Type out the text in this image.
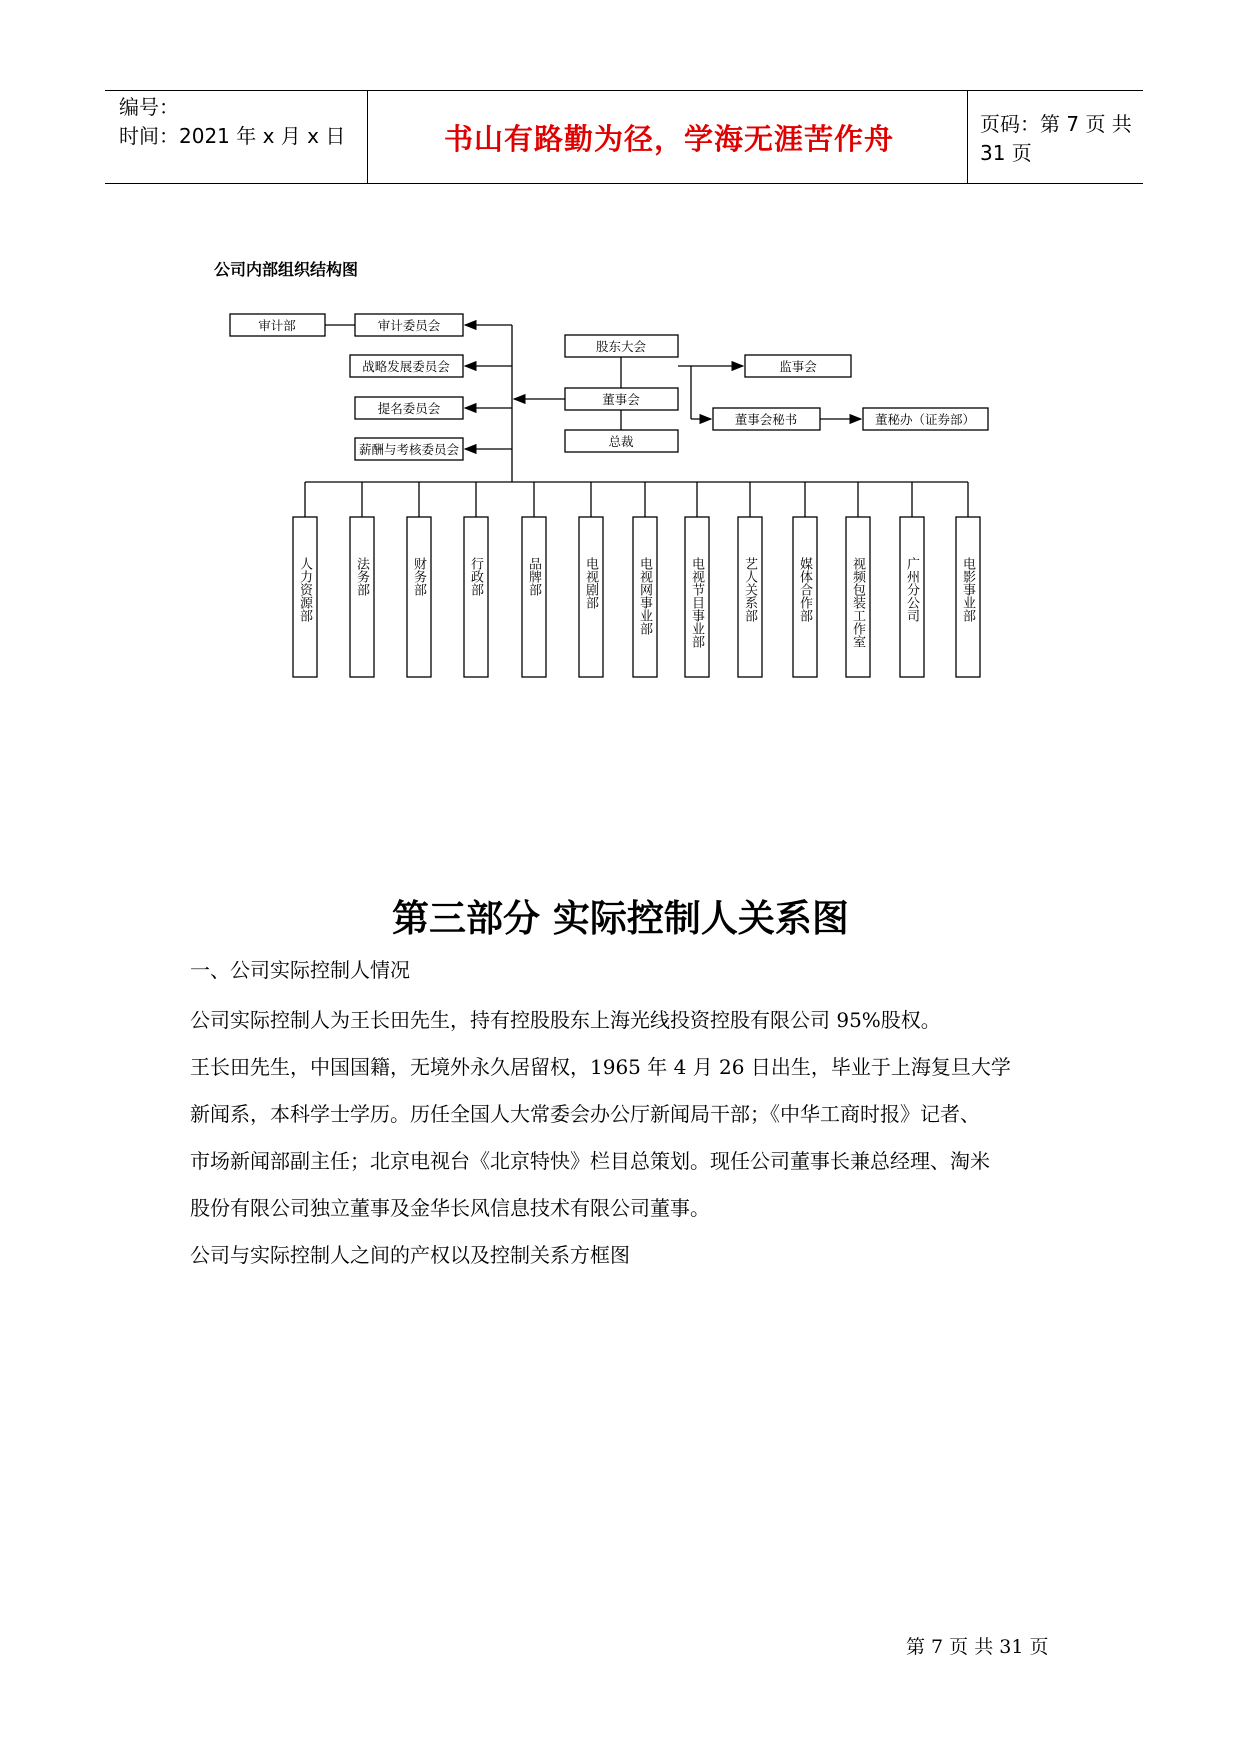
编号：
时间：2021 年 x 月 x 日	书山有路勤为径，学海无涯苦作舟	页码：第 7 页 共 31 页
公司内部组织结构图
审计部	审计委员会
战略发展委员会
提名委员会
薪酬与考核委员会
股东大会
监事会
董事会
董事会秘书	董秘办（证券部）
总裁
人力资源部	法务部	财务部	行政部	品牌部	电视剧部	电视网事业部	电视节目事业部	艺人关系部	媒体合作部	视频包装工作室	广州分公司	电影事业部
第三部分 实际控制人关系图
一、公司实际控制人情况
公司实际控制人为王长田先生，持有控股股东上海光线投资控股有限公司 95%股权。
王长田先生，中国国籍，无境外永久居留权，1965 年 4 月 26 日出生，毕业于上海复旦大学
新闻系，本科学士学历。历任全国人大常委会办公厅新闻局干部；《中华工商时报》记者、
市场新闻部副主任；北京电视台《北京特快》栏目总策划。现任公司董事长兼总经理、淘米
股份有限公司独立董事及金华长风信息技术有限公司董事。
公司与实际控制人之间的产权以及控制关系方框图
第 7 页 共 31 页
